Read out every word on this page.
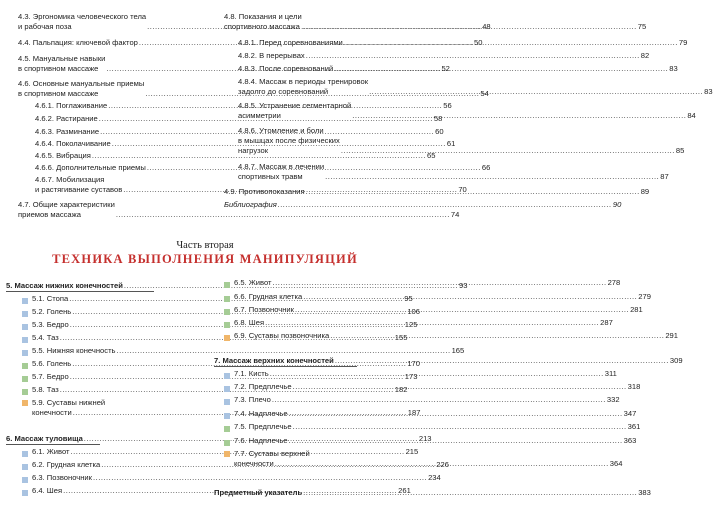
4.3. Эргономика человеческого тела
и рабочая поза .....	48
4.4. Пальпация: ключевой фактор .....	50
4.5. Мануальные навыки
в спортивном массаже .....	52
4.6. Основные мануальные приемы
в спортивном массаже .....	54
4.6.1. Поглаживание .....	56
4.6.2. Растирание .....	58
4.6.3. Разминание .....	60
4.6.4. Поколачивание .....	61
4.6.5. Вибрация .....	65
4.6.6. Дополнительные приемы .....	66
4.6.7. Мобилизация
и растягивание суставов .....	70
4.7. Общие характеристики
приемов массажа .....	74
4.8. Показания и цели
спортивного массажа .....	75
4.8.1. Перед соревнованиями .....	79
4.8.2. В перерывах .....	82
4.8.3. После соревнований .....	83
4.8.4. Массаж в периоды тренировок
задолго до соревнований .....	83
4.8.5. Устранение сегментарной
асимметрии .....	84
4.8.6. Утомление и боли
в мышцах после физических
нагрузок .....	85
4.8.7. Массаж в лечении
спортивных травм .....	87
4.9. Противопоказания .....	89
Библиография .....	90
Часть вторая
ТЕХНИКА ВЫПОЛНЕНИЯ МАНИПУЛЯЦИЙ
5. Массаж нижних конечностей .....	93
5.1. Стопа .....	95
5.2. Голень .....	106
5.3. Бедро .....	125
5.4. Таз .....	155
5.5. Нижняя конечность .....	165
5.6. Голень .....	170
5.7. Бедро .....	173
5.8. Таз .....	182
5.9. Суставы нижней
конечности .....	187
6. Массаж туловища .....	213
6.1. Живот .....	215
6.2. Грудная клетка .....	226
6.3. Позвоночник .....	234
6.4. Шея .....	261
6.5. Живот .....	278
6.6. Грудная клетка .....	279
6.7. Позвоночник .....	281
6.8. Шея .....	287
6.9. Суставы позвоночника .....	291
7. Массаж верхних конечностей .....	309
7.1. Кисть .....	311
7.2. Предплечье .....	318
7.3. Плечо .....	332
7.4. Надплечье .....	347
7.5. Предплечье .....	361
7.6. Надплечье .....	363
7.7. Суставы верхней
конечности .....	364
Предметный указатель .....	383
